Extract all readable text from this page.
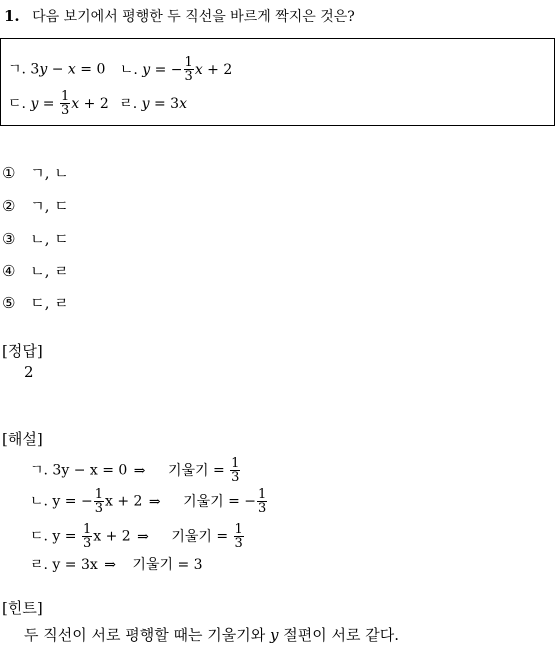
1. 다음 보기에서 평행한 두 직선을 바르게 짝지은 것은?
ㄱ. 3y − x = 0 ㄴ. y = − $\frac{1}{3}$ x + 2
ㄷ. $y = \frac{1}{3}$ x + 2 ㄹ. y = 3x
① ㄱ, ㄴ
② ㄱ, ㄷ
③ ㄴ, ㄷ
④ ㄴ, ㄹ
⑤ ㄷ, ㄹ
[정답]
2
[해설]
ㄱ. 3y − x = 0 ⇒ 기울기 = $\frac{1}{3}$
ㄴ. y = − $\frac{1}{3}$ x + 2 ⇒ 기울기 = − $\frac{1}{3}$
ㄷ. $y = \frac{1}{3}$ x + 2 ⇒ 기울기 = $\frac{1}{3}$
ㄹ. y = 3x ⇒ 기울기 = 3
[힌트]
두 직선이 서로 평행할 때는 기울기와 y 절편이 서로 같다.
